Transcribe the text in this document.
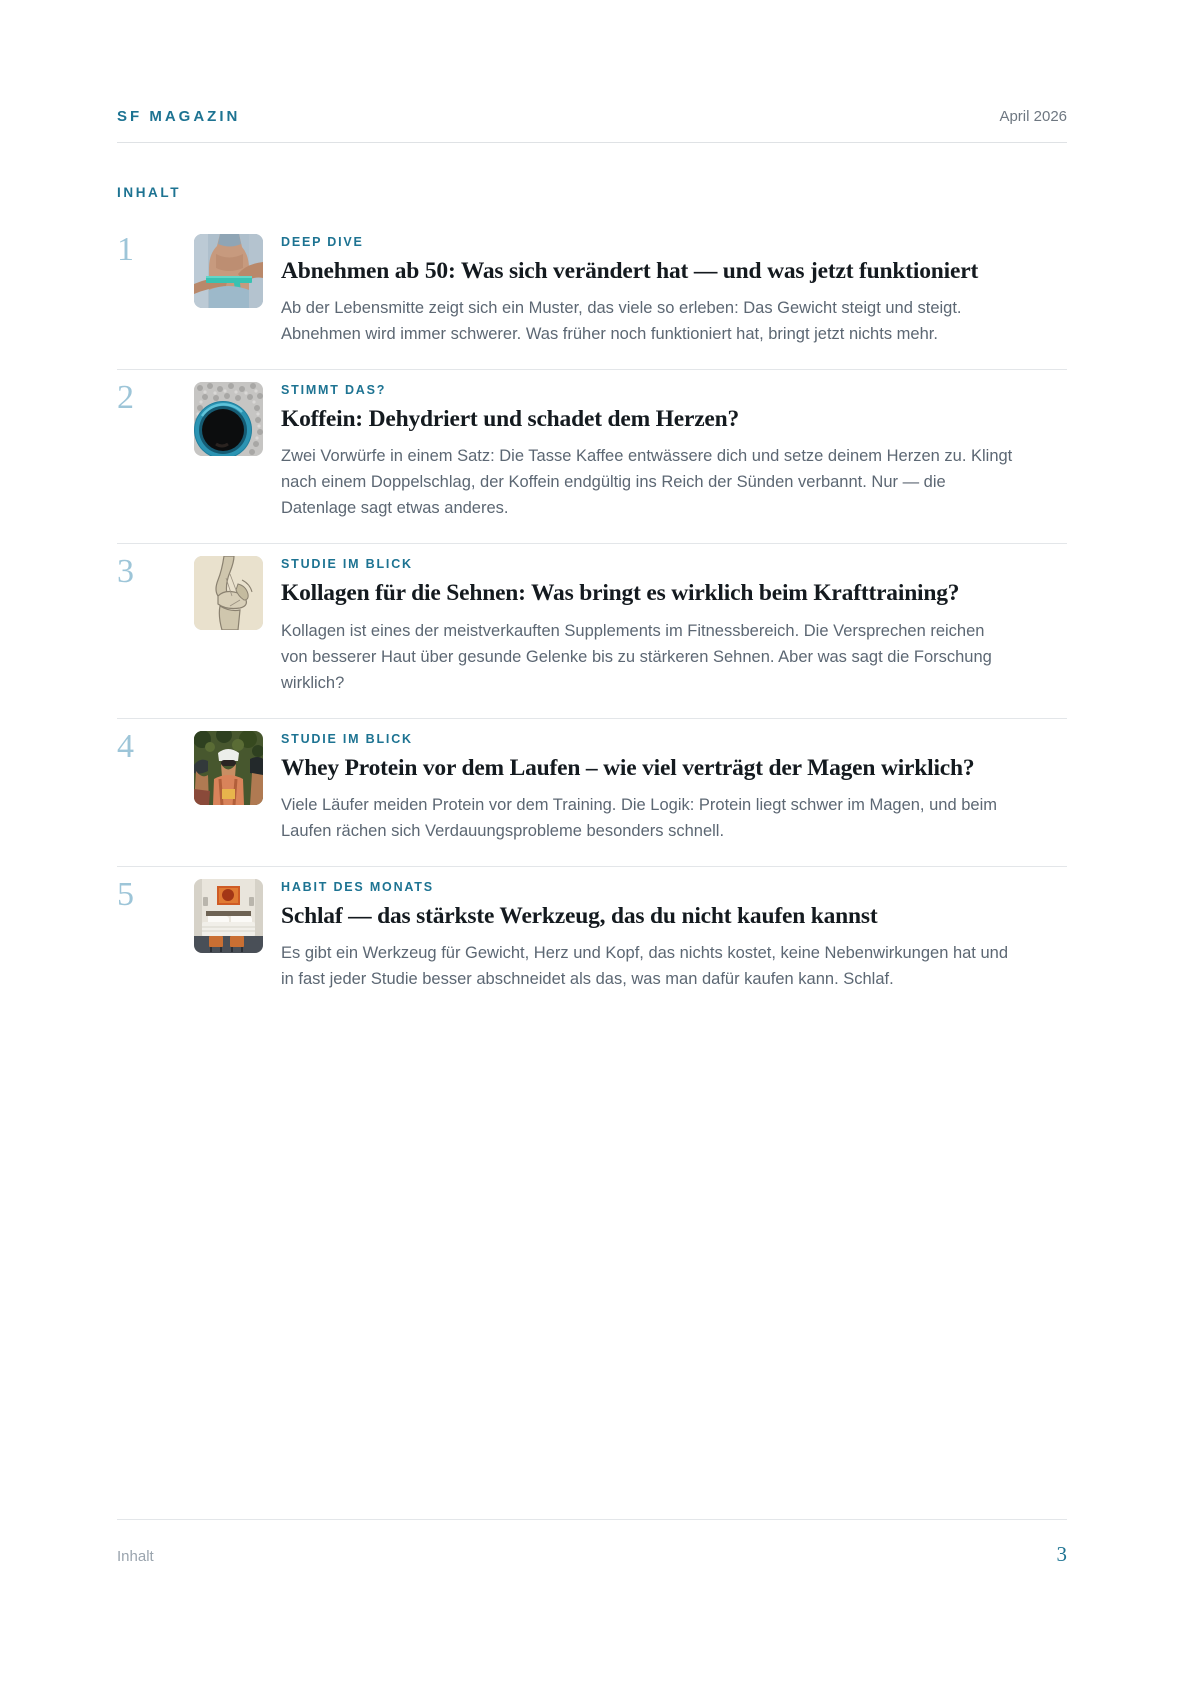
SF MAGAZIN	April 2026
INHALT
1	DEEP DIVE
Abnehmen ab 50: Was sich verändert hat — und was jetzt funktioniert
Ab der Lebensmitte zeigt sich ein Muster, das viele so erleben: Das Gewicht steigt und steigt. Abnehmen wird immer schwerer. Was früher noch funktioniert hat, bringt jetzt nichts mehr.
2	STIMMT DAS?
Koffein: Dehydriert und schadet dem Herzen?
Zwei Vorwürfe in einem Satz: Die Tasse Kaffee entwässere dich und setze deinem Herzen zu. Klingt nach einem Doppelschlag, der Koffein endgültig ins Reich der Sünden verbannt. Nur — die Datenlage sagt etwas anderes.
3	STUDIE IM BLICK
Kollagen für die Sehnen: Was bringt es wirklich beim Krafttraining?
Kollagen ist eines der meistverkauften Supplements im Fitnessbereich. Die Versprechen reichen von besserer Haut über gesunde Gelenke bis zu stärkeren Sehnen. Aber was sagt die Forschung wirklich?
4	STUDIE IM BLICK
Whey Protein vor dem Laufen – wie viel verträgt der Magen wirklich?
Viele Läufer meiden Protein vor dem Training. Die Logik: Protein liegt schwer im Magen, und beim Laufen rächen sich Verdauungsprobleme besonders schnell.
5	HABIT DES MONATS
Schlaf — das stärkste Werkzeug, das du nicht kaufen kannst
Es gibt ein Werkzeug für Gewicht, Herz und Kopf, das nichts kostet, keine Nebenwirkungen hat und in fast jeder Studie besser abschneidet als das, was man dafür kaufen kann. Schlaf.
Inhalt	3
